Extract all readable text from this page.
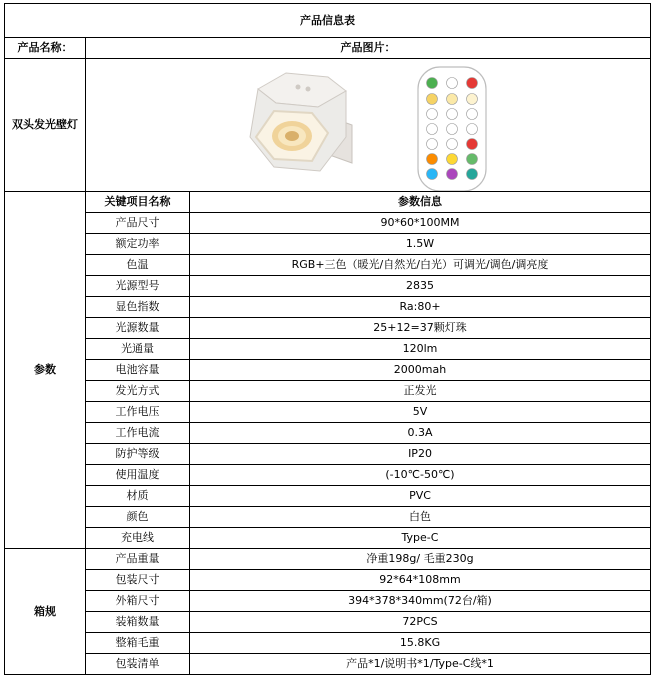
产品信息表		
产品名称：	产品图片：	
双头发光壁灯	

参数	关键项目名称	参数信息
	产品尺寸	90*60*100MM
	额定功率	1.5W
	色温	RGB+三色（暖光/自然光/白光）可调光/调色/调亮度
	光源型号	2835
	显色指数	Ra:80+
	光源数量	25+12=37颗灯珠
	光通量	120lm
	电池容量	2000mah
	发光方式	正发光
	工作电压	5V
	工作电流	0.3A
	防护等级	IP20
	使用温度	(-10℃-50℃)
	材质	PVC
	颜色	白色
	充电线	Type-C
箱规	产品重量	净重198g/ 毛重230g
	包装尺寸	92*64*108mm
	外箱尺寸	394*378*340mm(72台/箱)
	装箱数量	72PCS
	整箱毛重	15.8KG
	包装清单	产品*1/说明书*1/Type-C线*1
